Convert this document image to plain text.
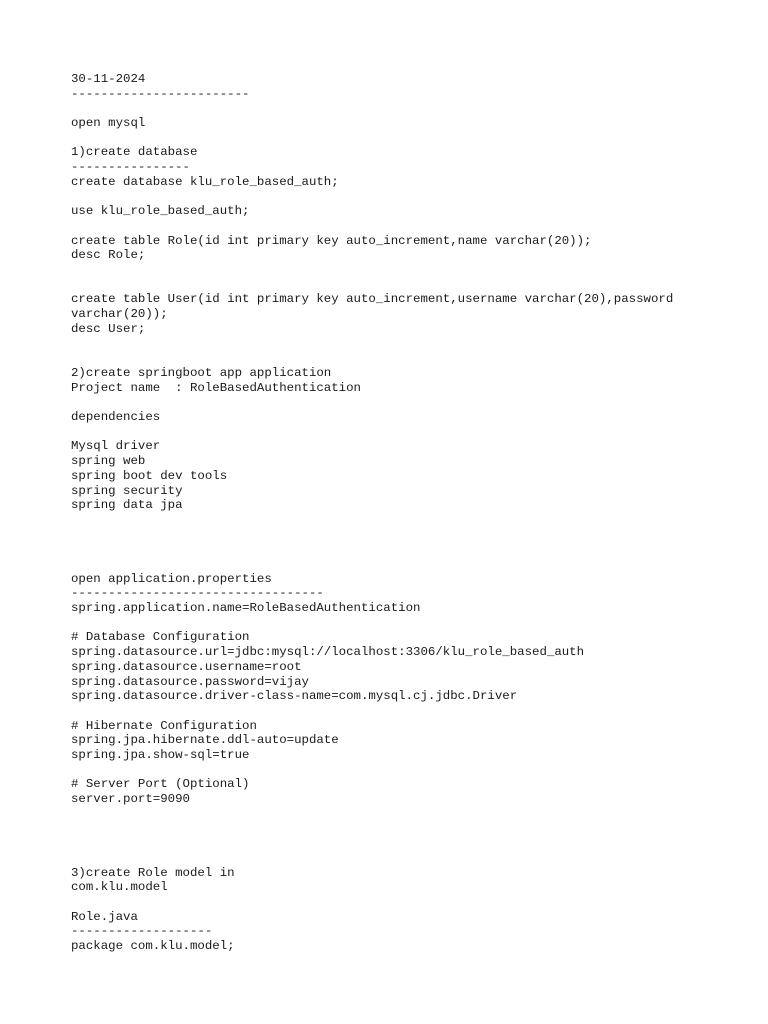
30-11-2024
------------------------
open mysql
1)create database
----------------
create database klu_role_based_auth;
use klu_role_based_auth;
create table Role(id int primary key auto_increment,name varchar(20));
desc Role;
create table User(id int primary key auto_increment,username varchar(20),password
varchar(20));
desc User;
2)create springboot app application
Project name  : RoleBasedAuthentication
dependencies
Mysql driver
spring web
spring boot dev tools
spring security
spring data jpa
open application.properties
----------------------------------
spring.application.name=RoleBasedAuthentication
# Database Configuration
spring.datasource.url=jdbc:mysql://localhost:3306/klu_role_based_auth
spring.datasource.username=root
spring.datasource.password=vijay
spring.datasource.driver-class-name=com.mysql.cj.jdbc.Driver
# Hibernate Configuration
spring.jpa.hibernate.ddl-auto=update
spring.jpa.show-sql=true
# Server Port (Optional)
server.port=9090
3)create Role model in
com.klu.model
Role.java
-------------------
package com.klu.model;
